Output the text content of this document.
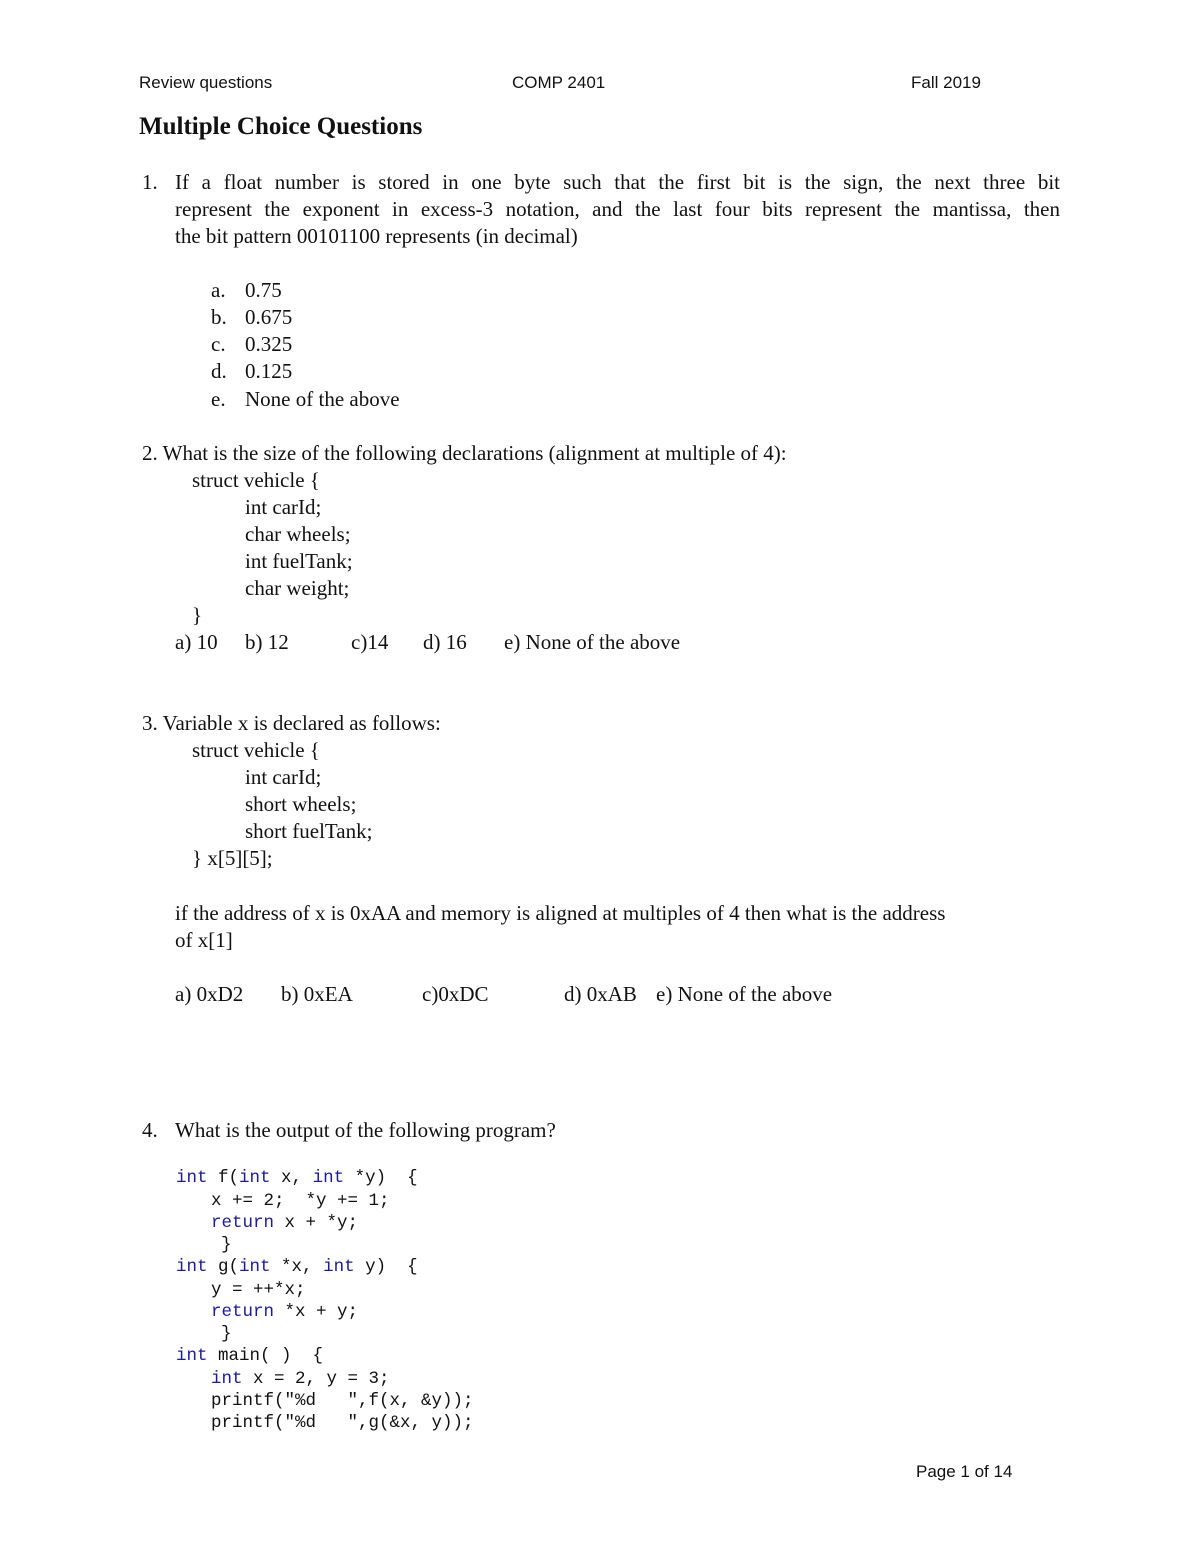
Review questions	COMP 2401	Fall 2019
Multiple Choice Questions
1. If a float number is stored in one byte such that the first bit is the sign, the next three bit
represent the exponent in excess-3 notation, and the last four bits represent the mantissa, then
the bit pattern 00101100 represents (in decimal)
a. 0.75
b. 0.675
c. 0.325
d. 0.125
e. None of the above
2. What is the size of the following declarations (alignment at multiple of 4):
struct vehicle {
int carId;
char wheels;
int fuelTank;
char weight;
}
a) 10 b) 12	c)14 d) 16 e) None of the above
3. Variable x is declared as follows:
struct vehicle {
int carId;
short wheels;
short fuelTank;
} x[5][5];
if the address of x is 0xAA and memory is aligned at multiples of 4 then what is the address
of x[1]
a) 0xD2 b) 0xEA	c)0xDC	d) 0xAB e) None of the above
4. What is the output of the following program?
int f(int x, int *y)  {
x += 2;  *y += 1;
return x + *y;
}
int g(int *x, int y)  {
y = ++*x;
return *x + y;
}
int main( )  {
int x = 2, y = 3;
printf("%d   ",f(x, &y));
printf("%d   ",g(&x, y));
Page 1 of 14
